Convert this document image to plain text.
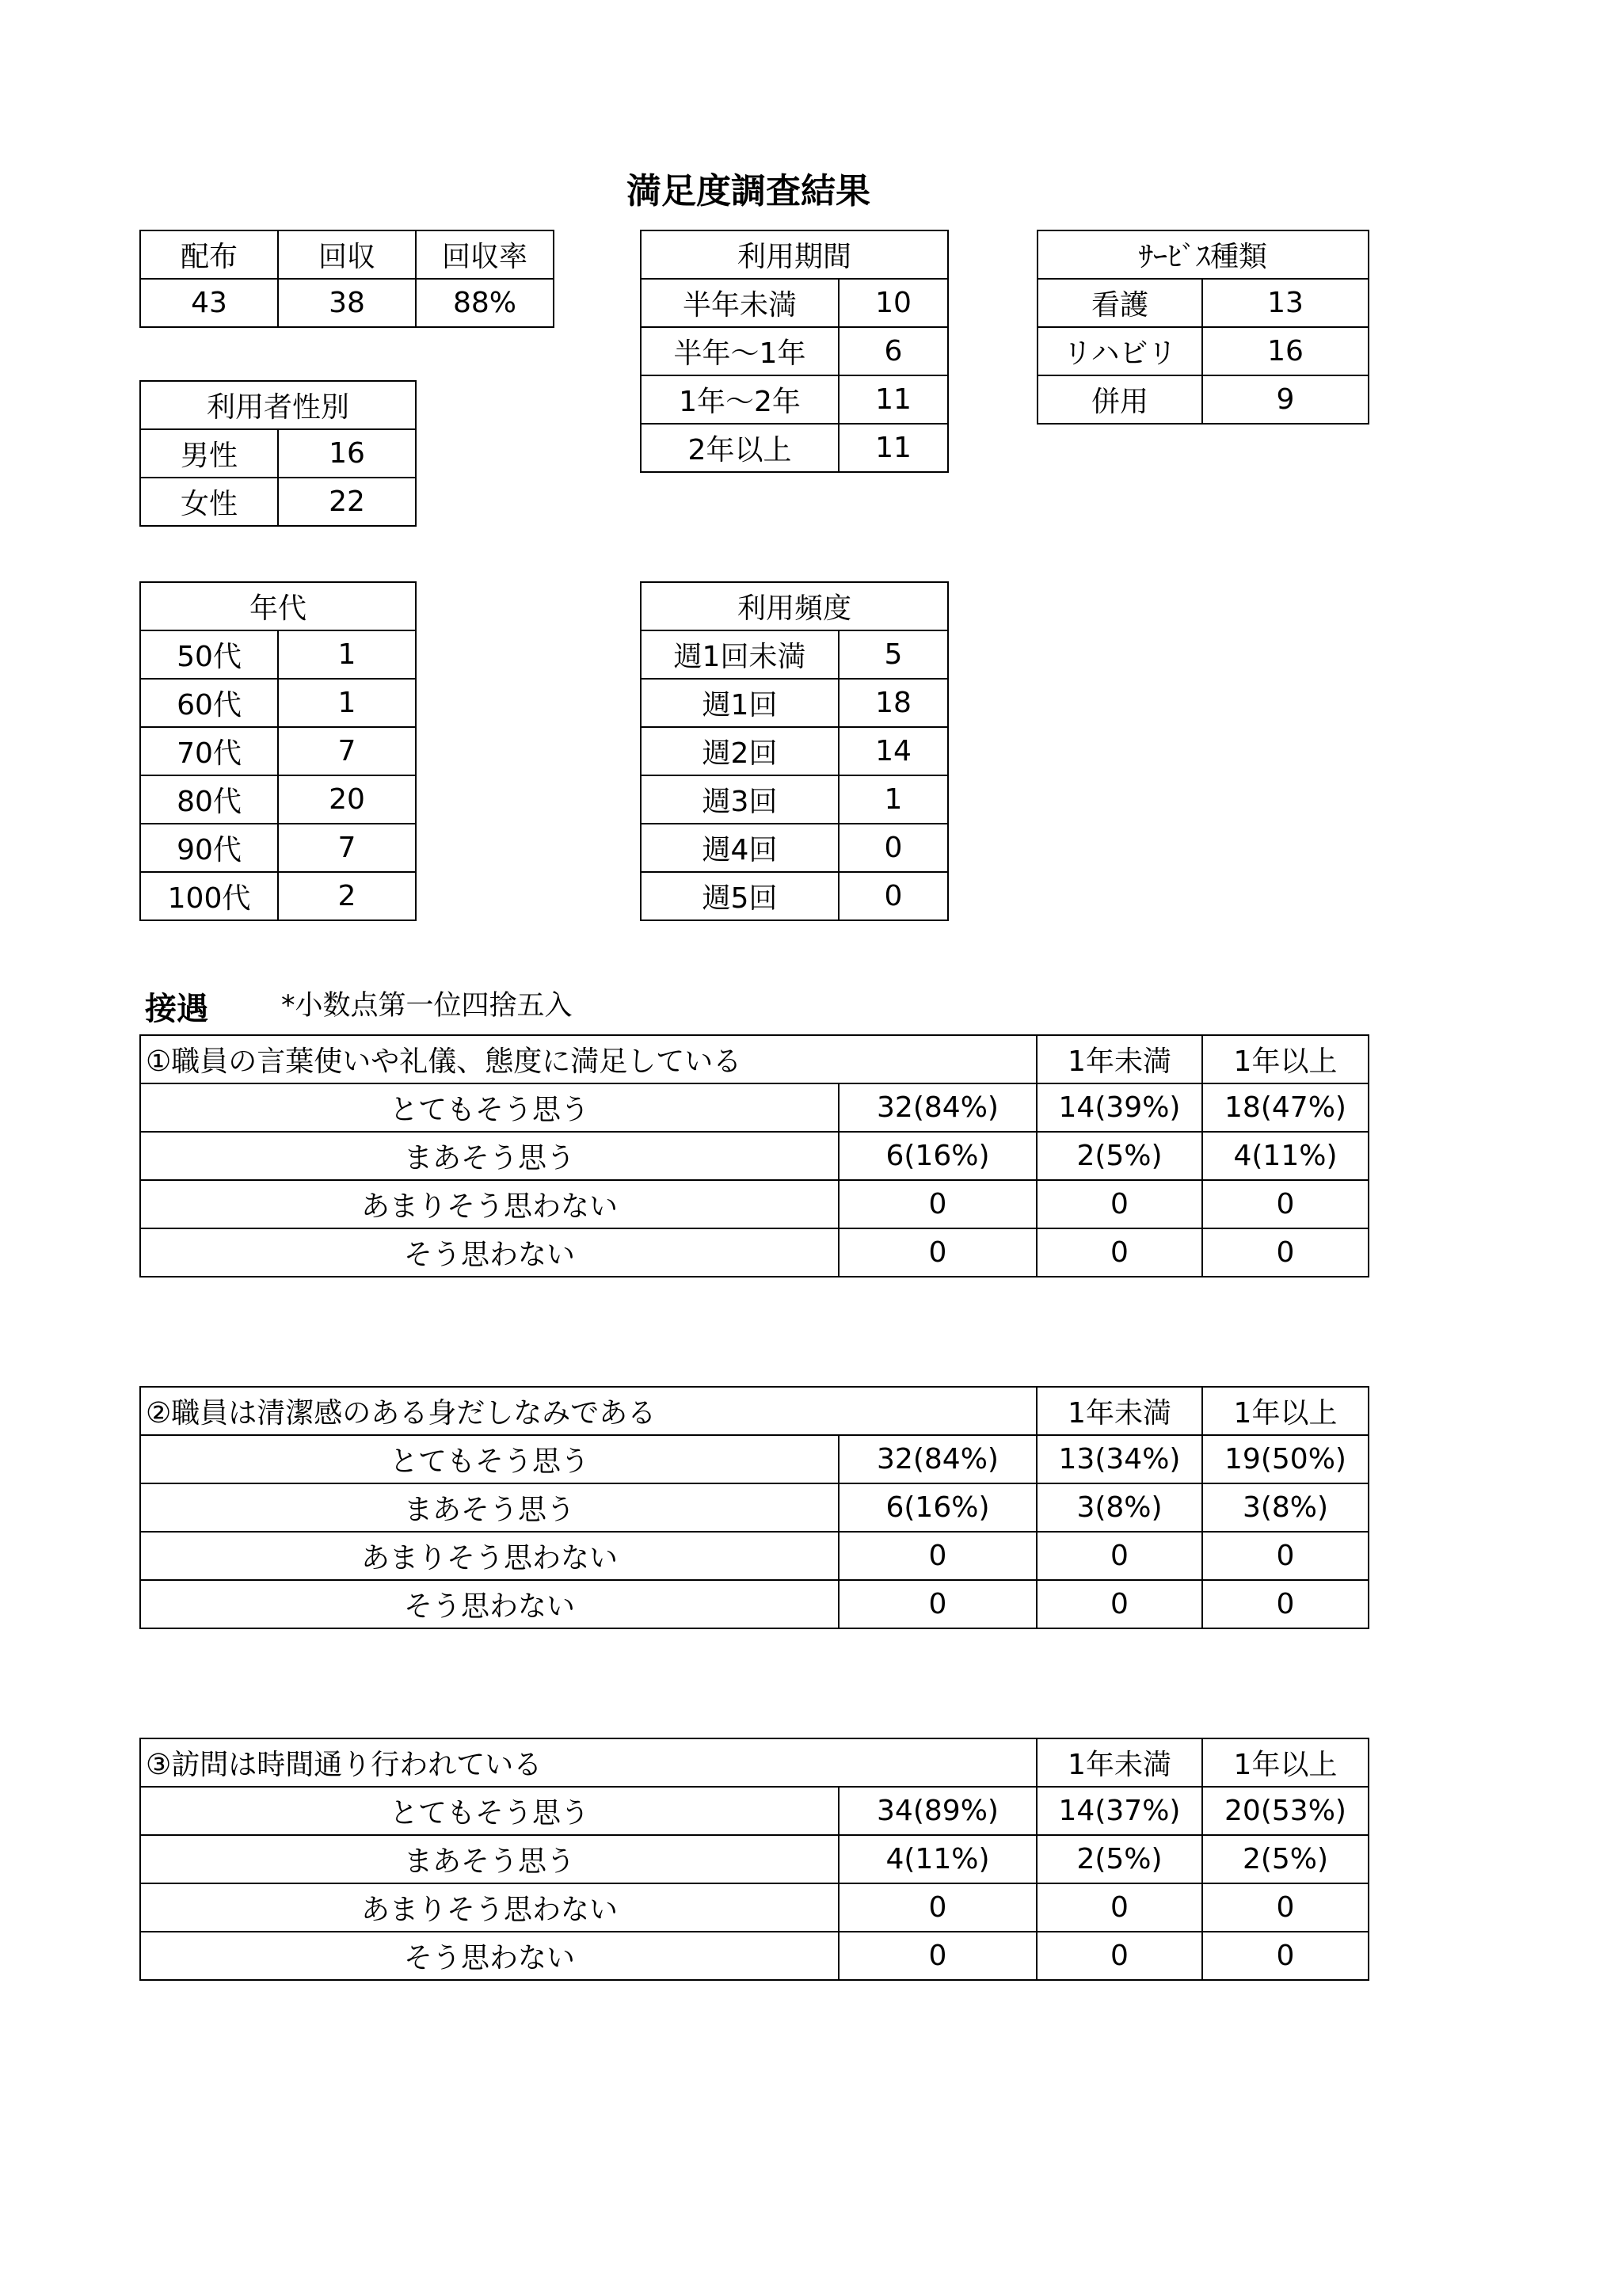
満足度調査結果
配布	回収	回収率
43	38	88%
利用期間	
半年未満	10
半年～1年	6
1年～2年	11
2年以上	11
ｻｰﾋﾞｽ種類	
看護	13
リハビリ	16
併用	9
利用者性別	
男性	16
女性	22
年代	
50代	1
60代	1
70代	7
80代	20
90代	7
100代	2
利用頻度	
週1回未満	5
週1回	18
週2回	14
週3回	1
週4回	0
週5回	0
接遇	*小数点第一位四捨五入
①職員の言葉使いや礼儀、態度に満足している		1年未満	1年以上
とてもそう思う	32(84%)	14(39%)	18(47%)
まあそう思う	6(16%)	2(5%)	4(11%)
あまりそう思わない	0	0	0
そう思わない	0	0	0
②職員は清潔感のある身だしなみである		1年未満	1年以上
とてもそう思う	32(84%)	13(34%)	19(50%)
まあそう思う	6(16%)	3(8%)	3(8%)
あまりそう思わない	0	0	0
そう思わない	0	0	0
③訪問は時間通り行われている		1年未満	1年以上
とてもそう思う	34(89%)	14(37%)	20(53%)
まあそう思う	4(11%)	2(5%)	2(5%)
あまりそう思わない	0	0	0
そう思わない	0	0	0
